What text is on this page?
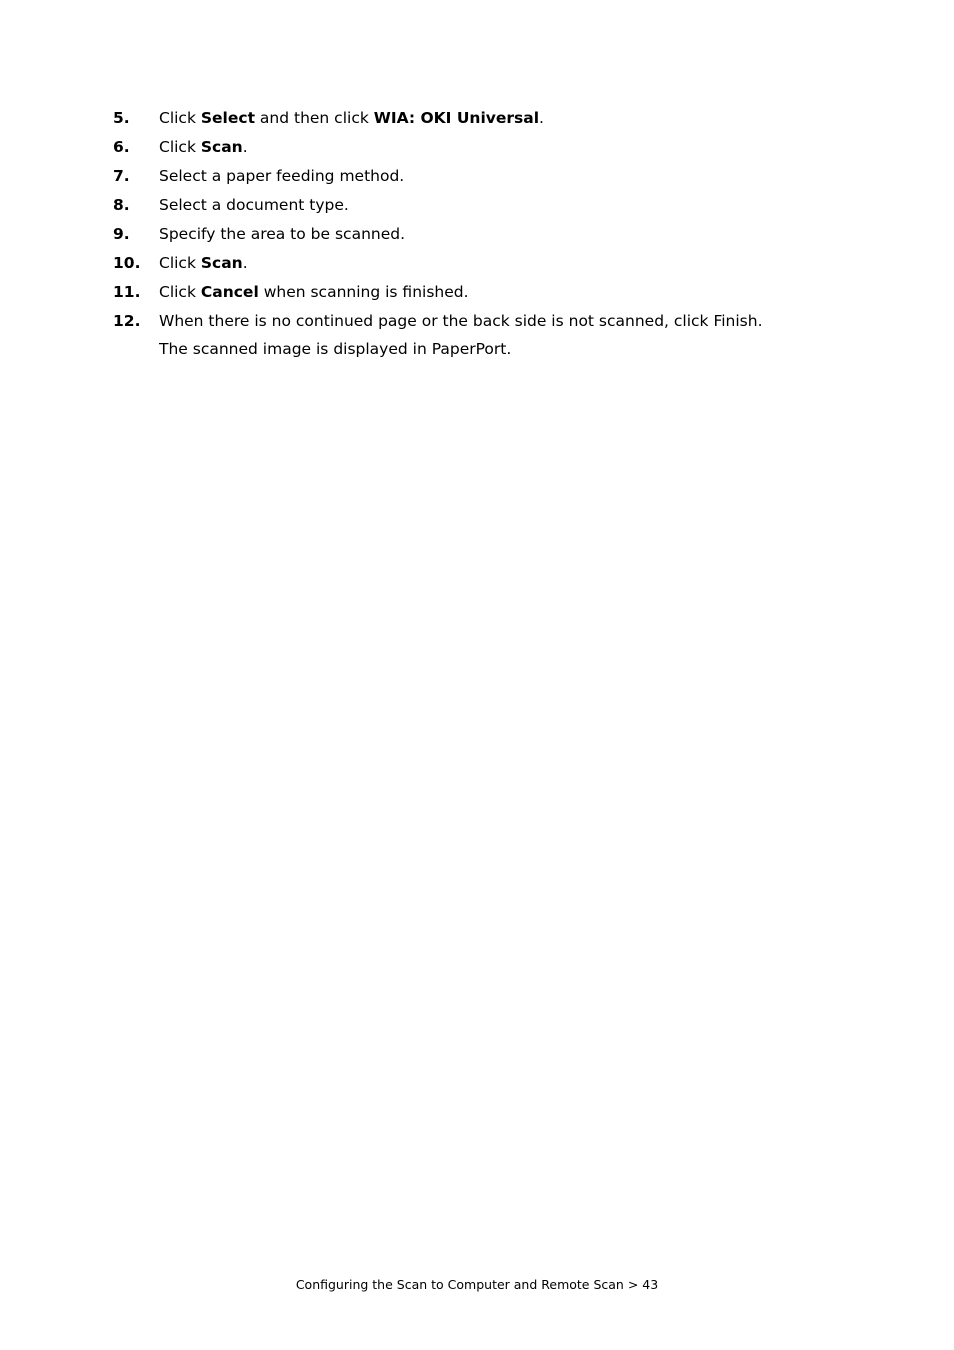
5. Click Select and then click WIA: OKI Universal.
6. Click Scan.
7. Select a paper feeding method.
8. Select a document type.
9. Specify the area to be scanned.
10. Click Scan.
11. Click Cancel when scanning is finished.
12. When there is no continued page or the back side is not scanned, click Finish.
The scanned image is displayed in PaperPort.
Configuring the Scan to Computer and Remote Scan > 43
